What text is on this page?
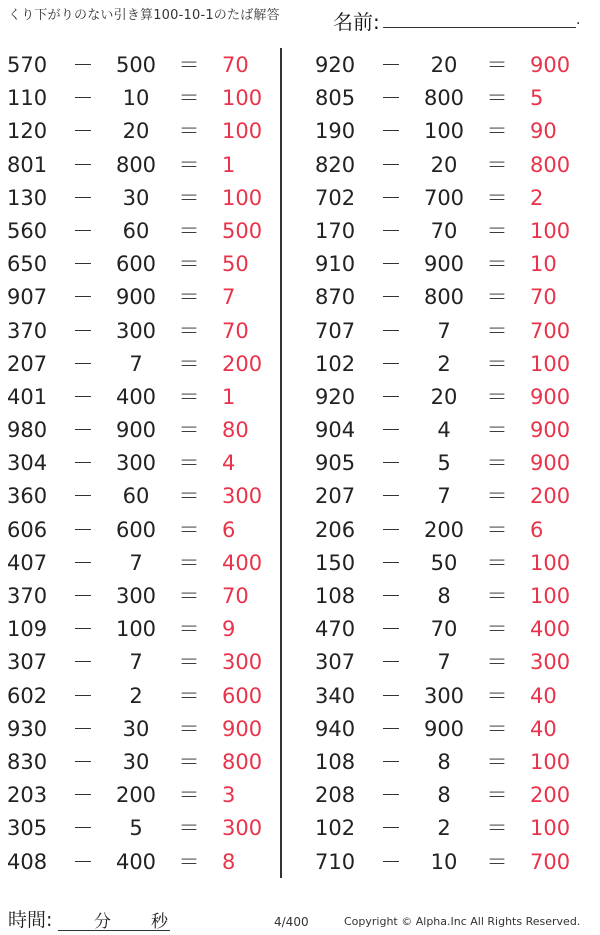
くり下がりのない引き算100-10-1のたば解答	名前:	.
570	－	500	＝ 70
110	－	10	＝ 100
120	－	20	＝ 100
801	－	800	＝ 1
130	－	30	＝ 100
560	－	60	＝ 500
650	－	600	＝ 50
907	－	900	＝ 7
370	－	300	＝ 70
207	－	7	＝ 200
401	－	400	＝ 1
980	－	900	＝ 80
304	－	300	＝ 4
360	－	60	＝ 300
606	－	600	＝ 6
407	－	7	＝ 400
370	－	300	＝ 70
109	－	100	＝ 9
307	－	7	＝ 300
602	－	2	＝ 600
930	－	30	＝ 900
830	－	30	＝ 800
203	－	200	＝ 3
305	－	5	＝ 300
408	－	400	＝ 8
920	－	20	＝ 900
805	－	800	＝ 5
190	－	100	＝ 90
820	－	20	＝ 800
702	－	700	＝ 2
170	－	70	＝ 100
910	－	900	＝ 10
870	－	800	＝ 70
707	－	7	＝ 700
102	－	2	＝ 100
920	－	20	＝ 900
904	－	4	＝ 900
905	－	5	＝ 900
207	－	7	＝ 200
206	－	200	＝ 6
150	－	50	＝ 100
108	－	8	＝ 100
470	－	70	＝ 400
307	－	7	＝ 300
340	－	300	＝ 40
940	－	900	＝ 40
108	－	8	＝ 100
208	－	8	＝ 200
102	－	2	＝ 100
710	－	10	＝ 700
時間: 分 秒	4/400	Copyright © Alpha.Inc All Rights Reserved.
